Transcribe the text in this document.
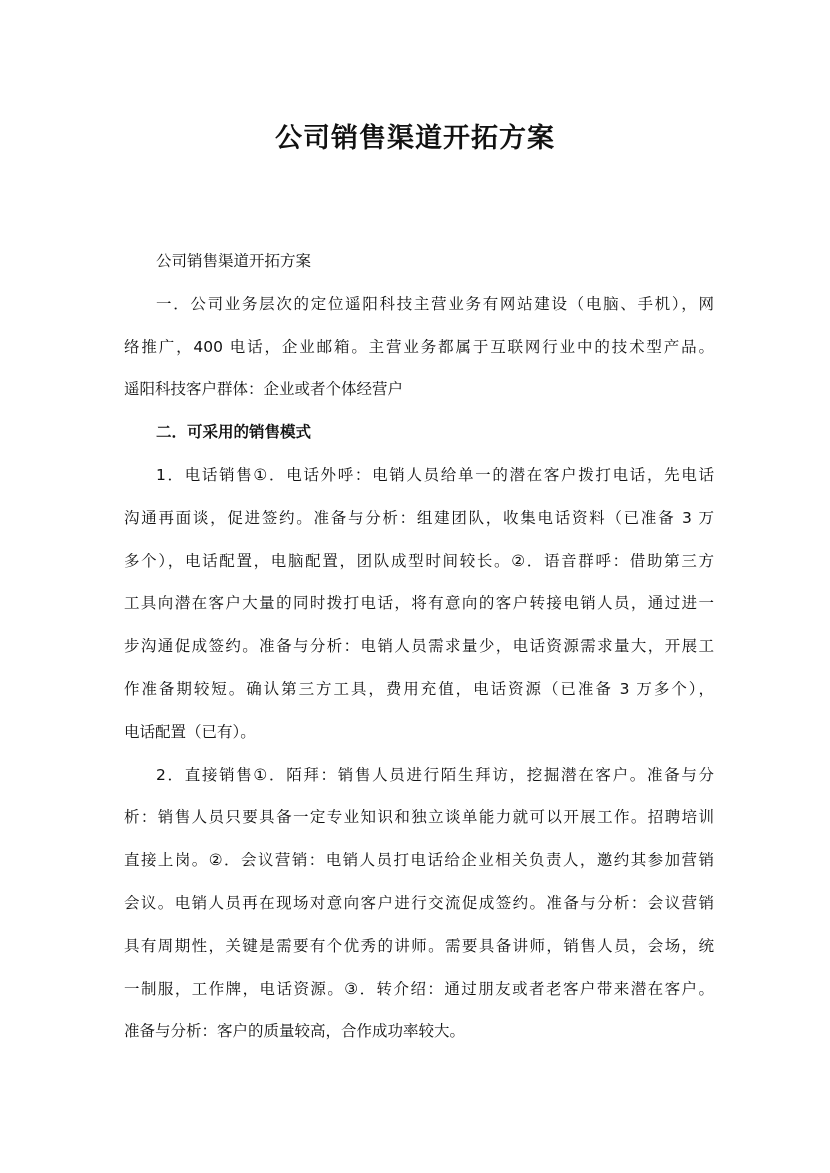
公司销售渠道开拓方案
公司销售渠道开拓方案
一．公司业务层次的定位遥阳科技主营业务有网站建设（电脑、手机），网
络推广，400 电话，企业邮箱。主营业务都属于互联网行业中的技术型产品。
遥阳科技客户群体：企业或者个体经营户
二．可采用的销售模式
1．电话销售①．电话外呼：电销人员给单一的潜在客户拨打电话，先电话
沟通再面谈，促进签约。准备与分析：组建团队，收集电话资料（已准备 3 万
多个），电话配置，电脑配置，团队成型时间较长。②．语音群呼：借助第三方
工具向潜在客户大量的同时拨打电话，将有意向的客户转接电销人员，通过进一
步沟通促成签约。准备与分析：电销人员需求量少，电话资源需求量大，开展工
作准备期较短。确认第三方工具，费用充值，电话资源（已准备 3 万多个），
电话配置（已有）。
2．直接销售①．陌拜：销售人员进行陌生拜访，挖掘潜在客户。准备与分
析：销售人员只要具备一定专业知识和独立谈单能力就可以开展工作。招聘培训
直接上岗。②．会议营销：电销人员打电话给企业相关负责人，邀约其参加营销
会议。电销人员再在现场对意向客户进行交流促成签约。准备与分析：会议营销
具有周期性，关键是需要有个优秀的讲师。需要具备讲师，销售人员，会场，统
一制服，工作牌，电话资源。③．转介绍：通过朋友或者老客户带来潜在客户。
准备与分析：客户的质量较高，合作成功率较大。
